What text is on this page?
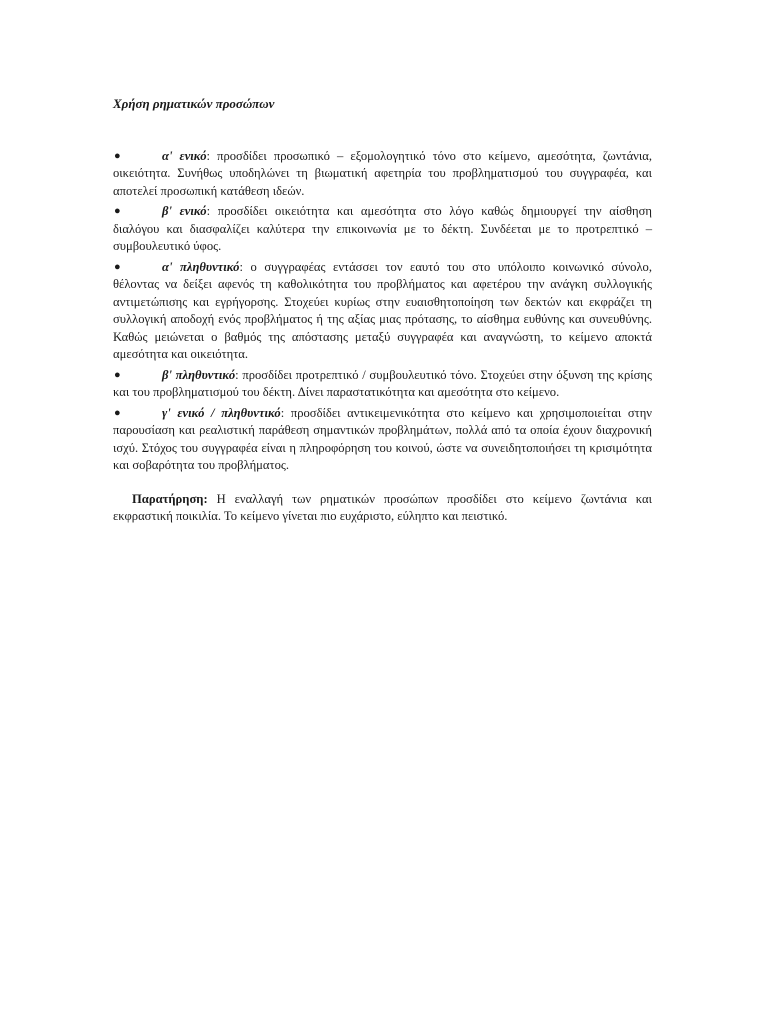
Χρήση ρηματικών προσώπων
●	α' ενικό: προσδίδει προσωπικό – εξομολογητικό τόνο στο κείμενο, αμεσότητα, ζωντάνια, οικειότητα. Συνήθως υποδηλώνει τη βιωματική αφετηρία του προβληματισμού του συγγραφέα, και αποτελεί προσωπική κατάθεση ιδεών.
●	β' ενικό: προσδίδει οικειότητα και αμεσότητα στο λόγο καθώς δημιουργεί την αίσθηση διαλόγου και διασφαλίζει καλύτερα την επικοινωνία με το δέκτη. Συνδέεται με το προτρεπτικό – συμβουλευτικό ύφος.
●	α' πληθυντικό: ο συγγραφέας εντάσσει τον εαυτό του στο υπόλοιπο κοινωνικό σύνολο, θέλοντας να δείξει αφενός τη καθολικότητα του προβλήματος και αφετέρου την ανάγκη συλλογικής αντιμετώπισης και εγρήγορσης. Στοχεύει κυρίως στην ευαισθητοποίηση των δεκτών και εκφράζει τη συλλογική αποδοχή ενός προβλήματος ή της αξίας μιας πρότασης, το αίσθημα ευθύνης και συνευθύνης. Καθώς μειώνεται ο βαθμός της απόστασης μεταξύ συγγραφέα και αναγνώστη, το κείμενο αποκτά αμεσότητα και οικειότητα.
●	β' πληθυντικό: προσδίδει προτρεπτικό / συμβουλευτικό τόνο. Στοχεύει στην όξυνση της κρίσης και του προβληματισμού του δέκτη. Δίνει παραστατικότητα και αμεσότητα στο κείμενο.
●	γ' ενικό / πληθυντικό: προσδίδει αντικειμενικότητα στο κείμενο και χρησιμοποιείται στην παρουσίαση και ρεαλιστική παράθεση σημαντικών προβλημάτων, πολλά από τα οποία έχουν διαχρονική ισχύ. Στόχος του συγγραφέα είναι η πληροφόρηση του κοινού, ώστε να συνειδητοποιήσει τη κρισιμότητα και σοβαρότητα του προβλήματος.

Παρατήρηση: Η εναλλαγή των ρηματικών προσώπων προσδίδει στο κείμενο ζωντάνια και εκφραστική ποικιλία. Το κείμενο γίνεται πιο ευχάριστο, εύληπτο και πειστικό.
